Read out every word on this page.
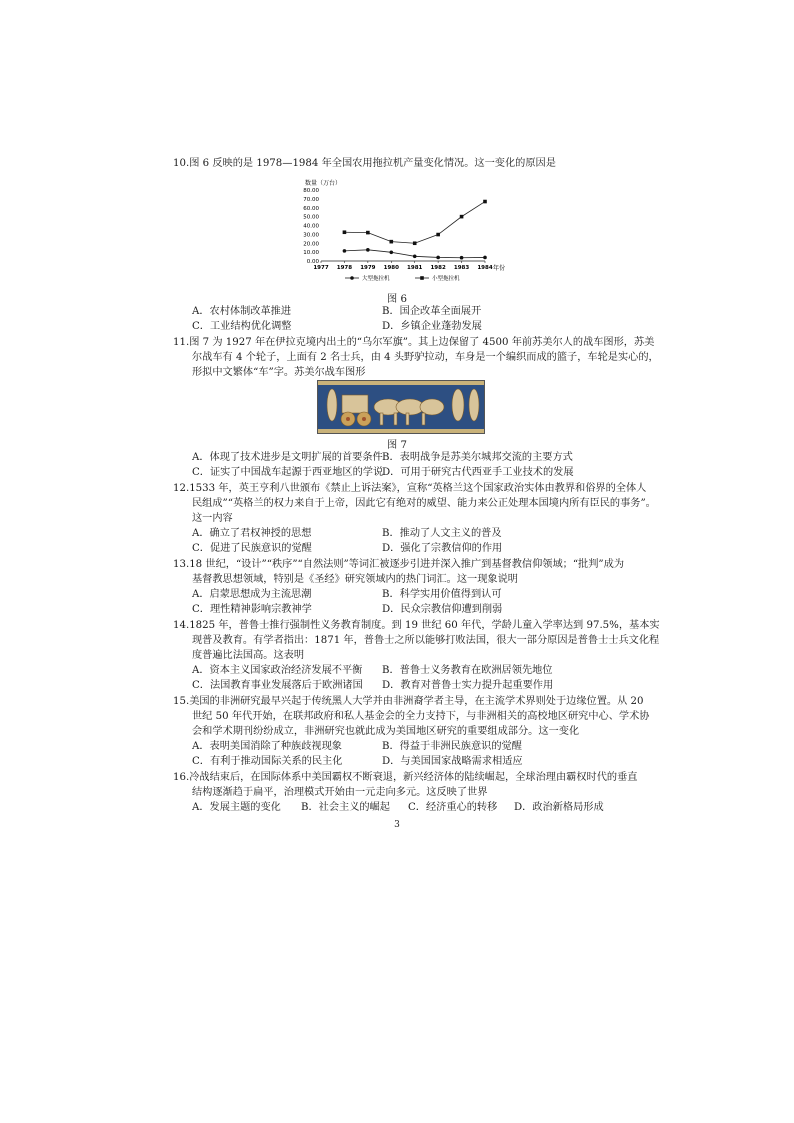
10.图 6 反映的是 1978—1984 年全国农用拖拉机产量变化情况。这一变化的原因是
数量（万台）
80.00
70.00
60.00
50.00
40.00
30.00
20.00
10.00
0.00
1977 1978 1979 1980 1981 1982 1983 1984 年份
大型拖拉机	小型拖拉机
图 6
A．农村体制改革推进	B．国企改革全面展开
C．工业结构优化调整	D．乡镇企业蓬勃发展
11.图 7 为 1927 年在伊拉克境内出土的“乌尔军旗”。其上边保留了 4500 年前苏美尔人的战车图形，苏美
尔战车有 4 个轮子，上面有 2 名士兵，由 4 头野驴拉动，车身是一个编织而成的篮子，车轮是实心的，
形拟中文繁体“车”字。苏美尔战车图形
图 7
A．体现了技术进步是文明扩展的首要条件 B．表明战争是苏美尔城邦交流的主要方式
C．证实了中国战车起源于西亚地区的学说
D．可用于研究古代西亚手工业技术的发展
12.1533 年，英王亨利八世颁布《禁止上诉法案》，宣称“英格兰这个国家政治实体由教界和俗界的全体人
民组成”“英格兰的权力来自于上帝，因此它有绝对的威望、能力来公正处理本国境内所有臣民的事务”。
这一内容
A．确立了君权神授的思想	B．推动了人文主义的普及
C．促进了民族意识的觉醒	D．强化了宗教信仰的作用
13.18 世纪，“设计”“秩序”“自然法则”等词汇被逐步引进并深入推广到基督教信仰领域；“批判”成为
基督教思想领域，特别是《圣经》研究领域内的热门词汇。这一现象说明
A．启蒙思想成为主流思潮	B．科学实用价值得到认可
C．理性精神影响宗教神学	D．民众宗教信仰遭到削弱
14.1825 年，普鲁士推行强制性义务教育制度。到 19 世纪 60 年代，学龄儿童入学率达到 97.5%，基本实
现普及教育。有学者指出：1871 年，普鲁士之所以能够打败法国，很大一部分原因是普鲁士士兵文化程
度普遍比法国高。这表明
A．资本主义国家政治经济发展不平衡 B．普鲁士义务教育在欧洲居领先地位
C．法国教育事业发展落后于欧洲诸国 D．教育对普鲁士实力提升起重要作用
15.美国的非洲研究最早兴起于传统黑人大学并由非洲裔学者主导，在主流学术界则处于边缘位置。从 20
世纪 50 年代开始，在联邦政府和私人基金会的全力支持下，与非洲相关的高校地区研究中心、学术协
会和学术期刊纷纷成立，非洲研究也就此成为美国地区研究的重要组成部分。这一变化
A．表明美国消除了种族歧视现象	B．得益于非洲民族意识的觉醒
C．有利于推动国际关系的民主化	D．与美国国家战略需求相适应
16.冷战结束后，在国际体系中美国霸权不断衰退，新兴经济体的陆续崛起，全球治理由霸权时代的垂直
结构逐渐趋于扁平，治理模式开始由一元走向多元。这反映了世界
A．发展主题的变化 B．社会主义的崛起 C．经济重心的转移 D．政治新格局形成
3
